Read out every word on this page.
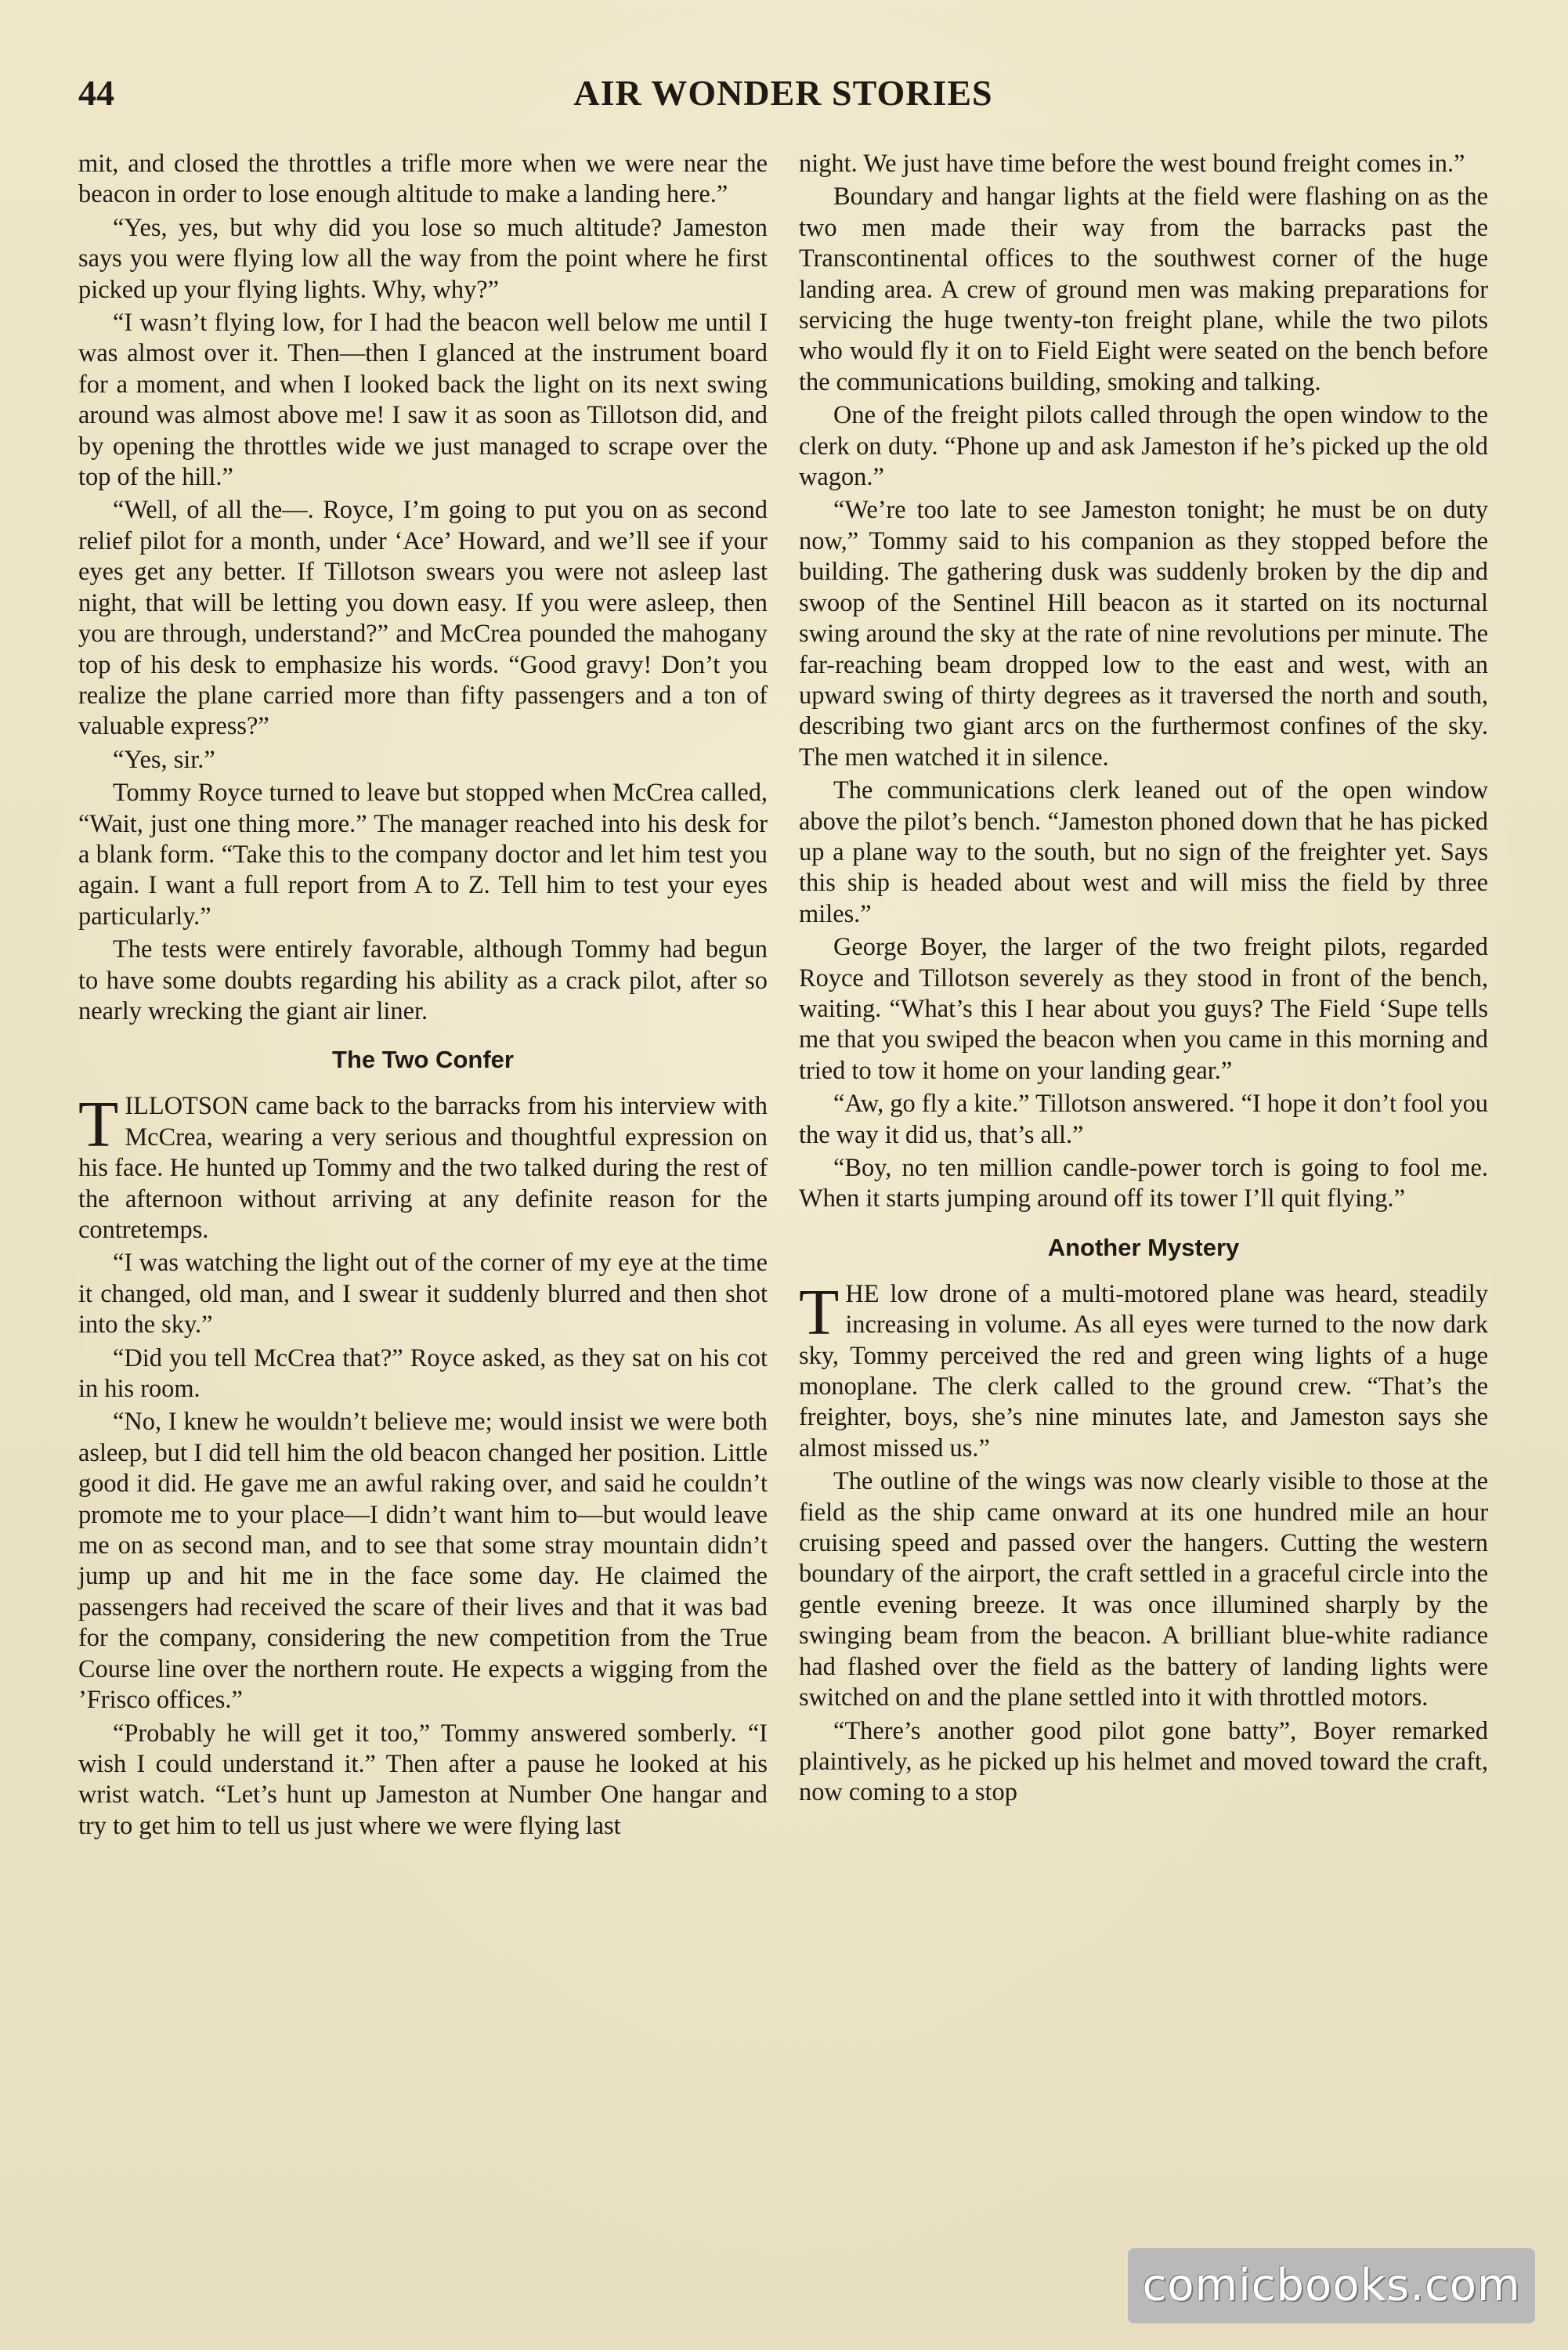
44	AIR WONDER STORIES

mit, and closed the throttles a trifle more when we were near the beacon in order to lose enough altitude to make a landing here.”

“Yes, yes, but why did you lose so much altitude? Jameston says you were flying low all the way from the point where he first picked up your flying lights. Why, why?”

“I wasn’t flying low, for I had the beacon well below me until I was almost over it. Then—then I glanced at the instrument board for a moment, and when I looked back the light on its next swing around was almost above me! I saw it as soon as Tillotson did, and by opening the throttles wide we just managed to scrape over the top of the hill.”

“Well, of all the—. Royce, I’m going to put you on as second relief pilot for a month, under ‘Ace’ Howard, and we’ll see if your eyes get any better. If Tillotson swears you were not asleep last night, that will be letting you down easy. If you were asleep, then you are through, understand?” and McCrea pounded the mahogany top of his desk to emphasize his words. “Good gravy! Don’t you realize the plane carried more than fifty passengers and a ton of valuable express?”

“Yes, sir.”

Tommy Royce turned to leave but stopped when McCrea called, “Wait, just one thing more.” The manager reached into his desk for a blank form. “Take this to the company doctor and let him test you again. I want a full report from A to Z. Tell him to test your eyes particularly.”

The tests were entirely favorable, although Tommy had begun to have some doubts regarding his ability as a crack pilot, after so nearly wrecking the giant air liner.

The Two Confer

TILLOTSON came back to the barracks from his interview with McCrea, wearing a very serious and thoughtful expression on his face. He hunted up Tommy and the two talked during the rest of the afternoon without arriving at any definite reason for the contretemps.

“I was watching the light out of the corner of my eye at the time it changed, old man, and I swear it suddenly blurred and then shot into the sky.”

“Did you tell McCrea that?” Royce asked, as they sat on his cot in his room.

“No, I knew he wouldn’t believe me; would insist we were both asleep, but I did tell him the old beacon changed her position. Little good it did. He gave me an awful raking over, and said he couldn’t promote me to your place—I didn’t want him to—but would leave me on as second man, and to see that some stray mountain didn’t jump up and hit me in the face some day. He claimed the passengers had received the scare of their lives and that it was bad for the company, considering the new competition from the True Course line over the northern route. He expects a wigging from the ’Frisco offices.”

“Probably he will get it too,” Tommy answered somberly. “I wish I could understand it.” Then after a pause he looked at his wrist watch. “Let’s hunt up Jameston at Number One hangar and try to get him to tell us just where we were flying last

night. We just have time before the west bound freight comes in.”

Boundary and hangar lights at the field were flashing on as the two men made their way from the barracks past the Transcontinental offices to the southwest corner of the huge landing area. A crew of ground men was making preparations for servicing the huge twenty-ton freight plane, while the two pilots who would fly it on to Field Eight were seated on the bench before the communications building, smoking and talking.

One of the freight pilots called through the open window to the clerk on duty. “Phone up and ask Jameston if he’s picked up the old wagon.”

“We’re too late to see Jameston tonight; he must be on duty now,” Tommy said to his companion as they stopped before the building. The gathering dusk was suddenly broken by the dip and swoop of the Sentinel Hill beacon as it started on its nocturnal swing around the sky at the rate of nine revolutions per minute. The far-reaching beam dropped low to the east and west, with an upward swing of thirty degrees as it traversed the north and south, describing two giant arcs on the furthermost confines of the sky. The men watched it in silence.

The communications clerk leaned out of the open window above the pilot’s bench. “Jameston phoned down that he has picked up a plane way to the south, but no sign of the freighter yet. Says this ship is headed about west and will miss the field by three miles.”

George Boyer, the larger of the two freight pilots, regarded Royce and Tillotson severely as they stood in front of the bench, waiting. “What’s this I hear about you guys? The Field ‘Supe tells me that you swiped the beacon when you came in this morning and tried to tow it home on your landing gear.”

“Aw, go fly a kite.” Tillotson answered. “I hope it don’t fool you the way it did us, that’s all.”

“Boy, no ten million candle-power torch is going to fool me. When it starts jumping around off its tower I’ll quit flying.”

Another Mystery

THE low drone of a multi-motored plane was heard, steadily increasing in volume. As all eyes were turned to the now dark sky, Tommy perceived the red and green wing lights of a huge monoplane. The clerk called to the ground crew. “That’s the freighter, boys, she’s nine minutes late, and Jameston says she almost missed us.”

The outline of the wings was now clearly visible to those at the field as the ship came onward at its one hundred mile an hour cruising speed and passed over the hangers. Cutting the western boundary of the airport, the craft settled in a graceful circle into the gentle evening breeze. It was once illumined sharply by the swinging beam from the beacon. A brilliant blue-white radiance had flashed over the field as the battery of landing lights were switched on and the plane settled into it with throttled motors.

“There’s another good pilot gone batty”, Boyer remarked plaintively, as he picked up his helmet and moved toward the craft, now coming to a stop

comicbooks.com
